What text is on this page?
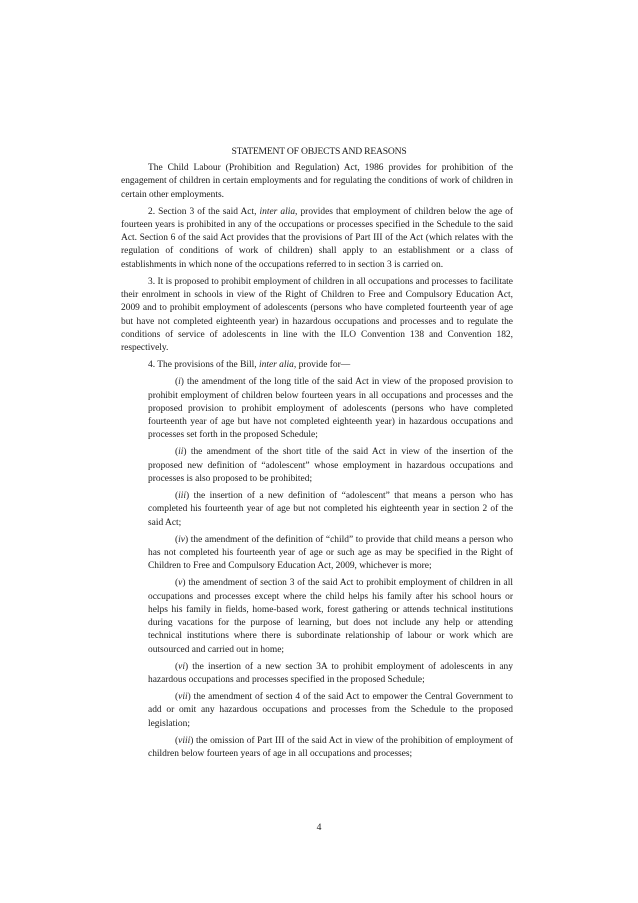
STATEMENT OF OBJECTS AND REASONS

The Child Labour (Prohibition and Regulation) Act, 1986 provides for prohibition of the engagement of children in certain employments and for regulating the conditions of work of children in certain other employments.

2. Section 3 of the said Act, inter alia, provides that employment of children below the age of fourteen years is prohibited in any of the occupations or processes specified in the Schedule to the said Act. Section 6 of the said Act provides that the provisions of Part III of the Act (which relates with the regulation of conditions of work of children) shall apply to an establishment or a class of establishments in which none of the occupations referred to in section 3 is carried on.

3. It is proposed to prohibit employment of children in all occupations and processes to facilitate their enrolment in schools in view of the Right of Children to Free and Compulsory Education Act, 2009 and to prohibit employment of adolescents (persons who have completed fourteenth year of age but have not completed eighteenth year) in hazardous occupations and processes and to regulate the conditions of service of adolescents in line with the ILO Convention 138 and Convention 182, respectively.

4. The provisions of the Bill, inter alia, provide for—

(i) the amendment of the long title of the said Act in view of the proposed provision to prohibit employment of children below fourteen years in all occupations and processes and the proposed provision to prohibit employment of adolescents (persons who have completed fourteenth year of age but have not completed eighteenth year) in hazardous occupations and processes set forth in the proposed Schedule;

(ii) the amendment of the short title of the said Act in view of the insertion of the proposed new definition of “adolescent” whose employment in hazardous occupations and processes is also proposed to be prohibited;

(iii) the insertion of a new definition of “adolescent” that means a person who has completed his fourteenth year of age but not completed his eighteenth year in section 2 of the said Act;

(iv) the amendment of the definition of “child” to provide that child means a person who has not completed his fourteenth year of age or such age as may be specified in the Right of Children to Free and Compulsory Education Act, 2009, whichever is more;

(v) the amendment of section 3 of the said Act to prohibit employment of children in all occupations and processes except where the child helps his family after his school hours or helps his family in fields, home-based work, forest gathering or attends technical institutions during vacations for the purpose of learning, but does not include any help or attending technical institutions where there is subordinate relationship of labour or work which are outsourced and carried out in home;

(vi) the insertion of a new section 3A to prohibit employment of adolescents in any hazardous occupations and processes specified in the proposed Schedule;

(vii) the amendment of section 4 of the said Act to empower the Central Government to add or omit any hazardous occupations and processes from the Schedule to the proposed legislation;

(viii) the omission of Part III of the said Act in view of the prohibition of employment of children below fourteen years of age in all occupations and processes;

4
